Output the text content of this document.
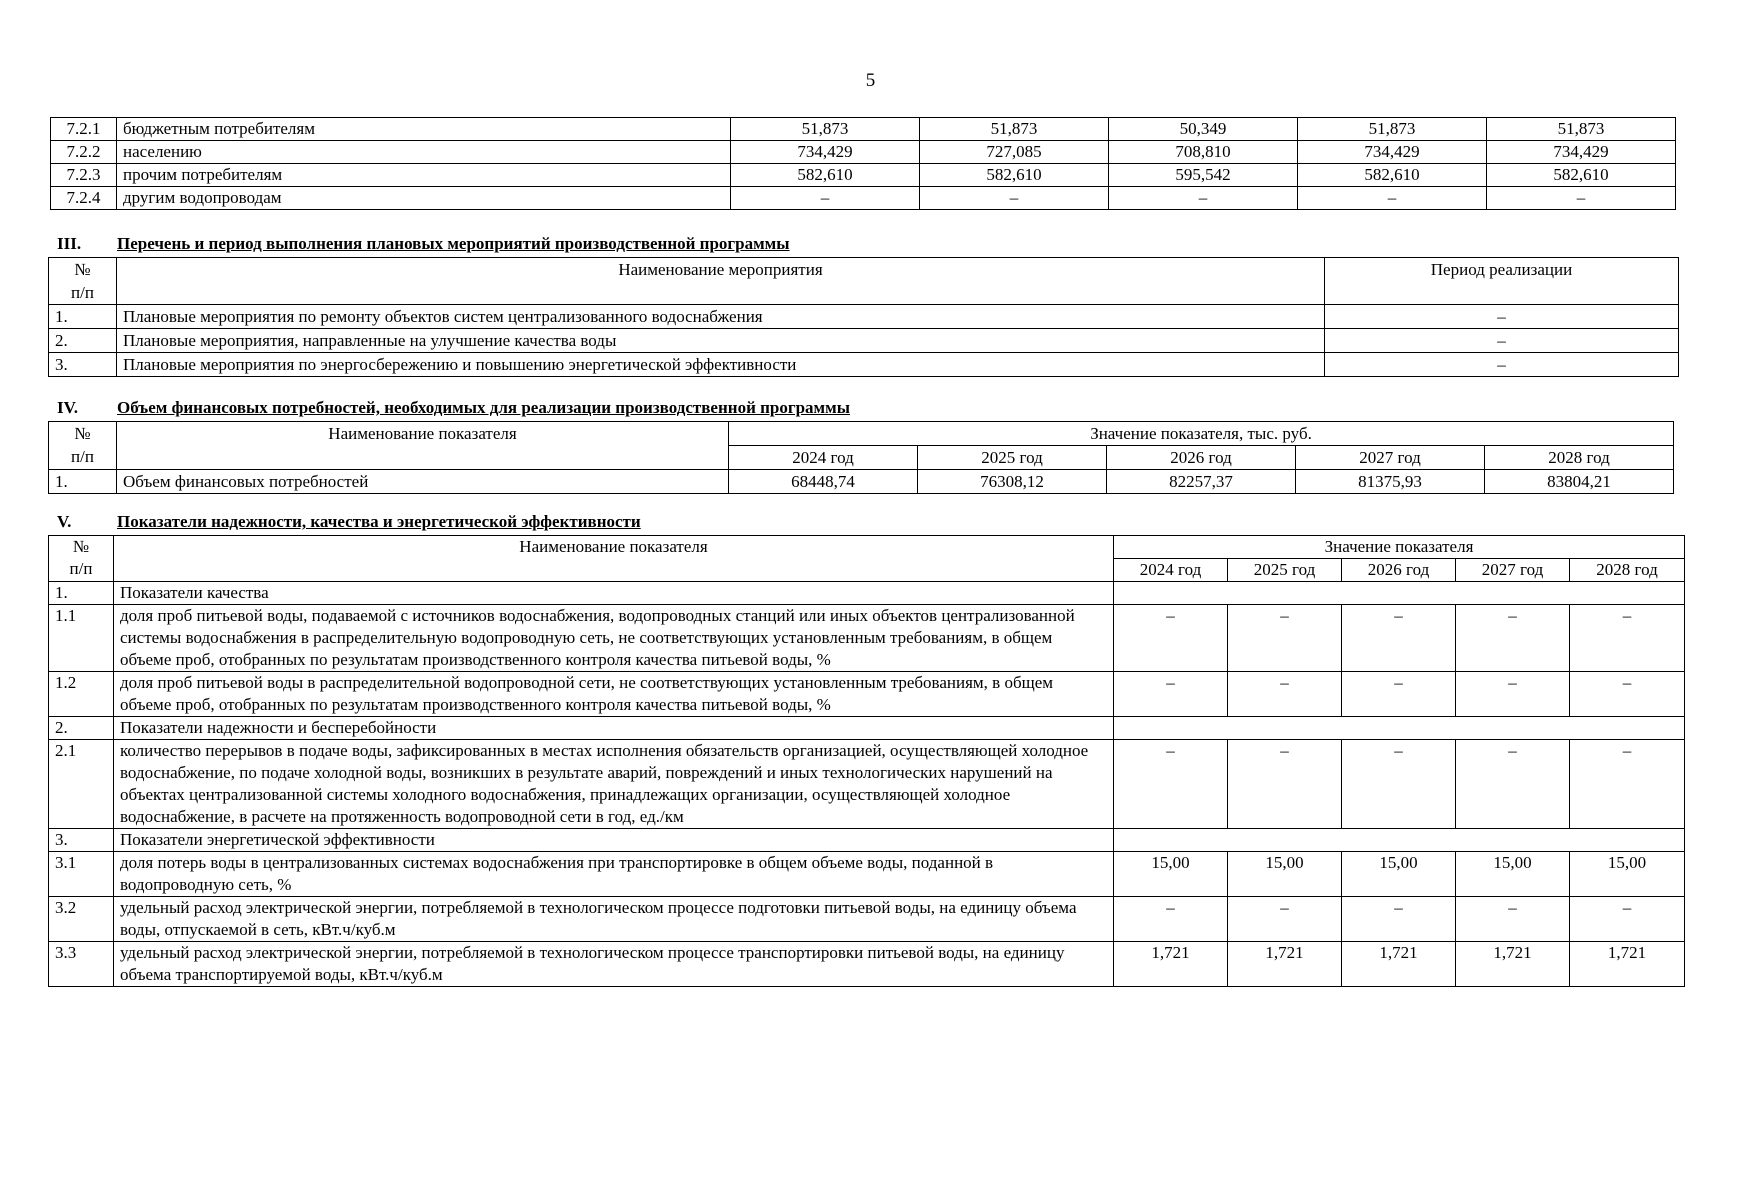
5
7.2.1	бюджетным потребителям	51,873	51,873	50,349	51,873	51,873
7.2.2	населению	734,429	727,085	708,810	734,429	734,429
7.2.3	прочим потребителям	582,610	582,610	595,542	582,610	582,610
7.2.4	другим водопроводам	–	–	–	–	–
III. Перечень и период выполнения плановых мероприятий производственной программы
№
п/п	Наименование мероприятия	Период реализации
1.	Плановые мероприятия по ремонту объектов систем централизованного водоснабжения	–
2.	Плановые мероприятия, направленные на улучшение качества воды	–
3.	Плановые мероприятия по энергосбережению и повышению энергетической эффективности	–
IV. Объем финансовых потребностей, необходимых для реализации производственной программы
№
п/п	Наименование показателя	Значение показателя, тыс. руб.				
		2024 год	2025 год	2026 год	2027 год	2028 год
1.	Объем финансовых потребностей	68448,74	76308,12	82257,37	81375,93	83804,21
V.	Показатели надежности, качества и энергетической эффективности
№
п/п	Наименование показателя	Значение показателя				
		2024 год	2025 год	2026 год	2027 год	2028 год
1.	Показатели качества					
1.1	доля проб питьевой воды, подаваемой с источников водоснабжения, водопроводных станций или иных объектов централизованной системы водоснабжения в распределительную водопроводную сеть, не соответствующих установленным требованиям, в общем объеме проб, отобранных по результатам производственного контроля качества питьевой воды, %	–	–	–	–	–
1.2	доля проб питьевой воды в распределительной водопроводной сети, не соответствующих установленным требованиям, в общем объеме проб, отобранных по результатам производственного контроля качества питьевой воды, %	–	–	–	–	–
2.	Показатели надежности и бесперебойности					
2.1	количество перерывов в подаче воды, зафиксированных в местах исполнения обязательств организацией, осуществляющей холодное водоснабжение, по подаче холодной воды, возникших в результате аварий, повреждений и иных технологических нарушений на объектах централизованной системы холодного водоснабжения, принадлежащих организации, осуществляющей холодное водоснабжение, в расчете на протяженность водопроводной сети в год, ед./км	–	–	–	–	–
3.	Показатели энергетической эффективности					
3.1	доля потерь воды в централизованных системах водоснабжения при транспортировке в общем объеме воды, поданной в водопроводную сеть, %	15,00	15,00	15,00	15,00	15,00
3.2	удельный расход электрической энергии, потребляемой в технологическом процессе подготовки питьевой воды, на единицу объема воды, отпускаемой в сеть, кВт.ч/куб.м	–	–	–	–	–
3.3	удельный расход электрической энергии, потребляемой в технологическом процессе транспортировки питьевой воды, на единицу объема транспортируемой воды, кВт.ч/куб.м	1,721	1,721	1,721	1,721	1,721
